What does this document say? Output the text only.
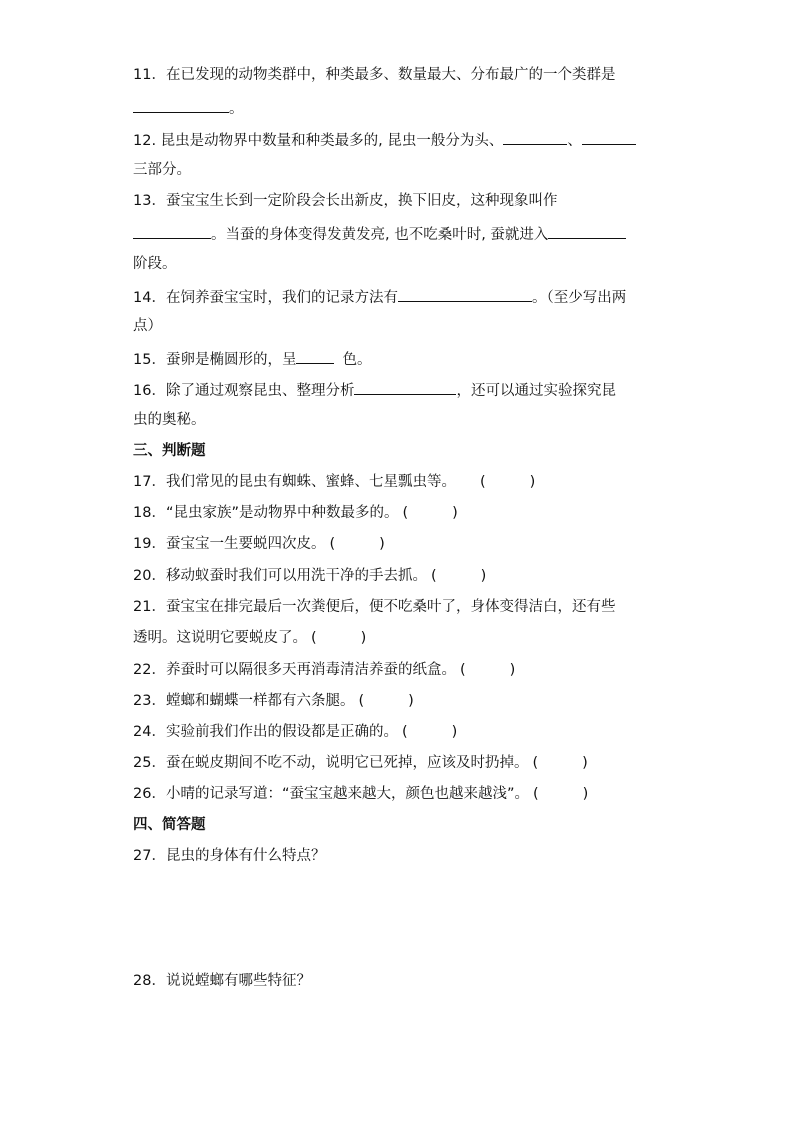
11．在已发现的动物类群中，种类最多、数量最大、分布最广的一个类群是
。
12. 昆虫是动物界中数量和种类最多的, 昆虫一般分为头、	、
三部分。
13．蚕宝宝生长到一定阶段会长出新皮，换下旧皮，这种现象叫作
。当蚕的身体变得发黄发亮, 也不吃桑叶时, 蚕就进入
阶段。
14．在饲养蚕宝宝时，我们的记录方法有	。（至少写出两
点）
15．蚕卵是椭圆形的，呈	色。
16．除了通过观察昆虫、整理分析	，还可以通过实验探究昆
虫的奥秘。
三、判断题
17．我们常见的昆虫有蜘蛛、蜜蜂、七星瓢虫等。 (	)
18．“昆虫家族”是动物界中种数最多的。 (	)
19．蚕宝宝一生要蜕四次皮。 (	)
20．移动蚁蚕时我们可以用洗干净的手去抓。 (	)
21．蚕宝宝在排完最后一次粪便后，便不吃桑叶了，身体变得洁白，还有些
透明。这说明它要蜕皮了。 (	)
22．养蚕时可以隔很多天再消毒清洁养蚕的纸盒。 (	)
23．螳螂和蝴蝶一样都有六条腿。 (	)
24．实验前我们作出的假设都是正确的。 (	)
25．蚕在蜕皮期间不吃不动，说明它已死掉，应该及时扔掉。 (	)
26．小晴的记录写道：“蚕宝宝越来越大，颜色也越来越浅”。 (	)
四、简答题
27．昆虫的身体有什么特点？
28．说说螳螂有哪些特征？
